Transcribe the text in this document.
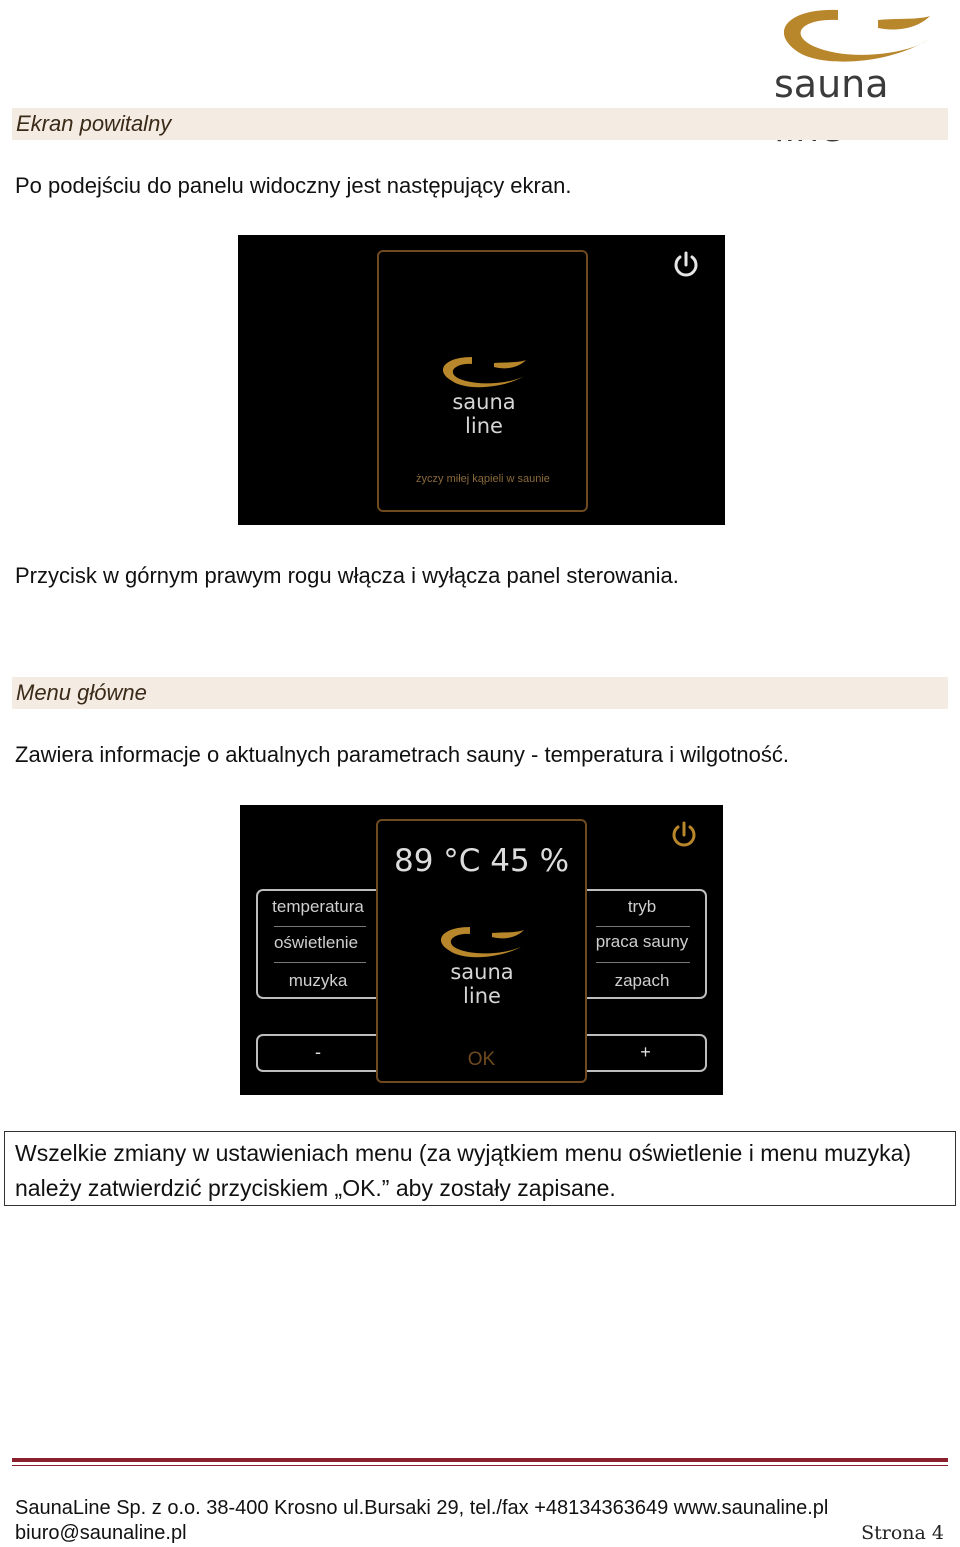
sauna
Ekran powitalny
Po podejściu do panelu widoczny jest następujący ekran.
sauna line
życzy miłej kąpieli w saunie
Przycisk w górnym prawym rogu włącza i wyłącza panel sterowania.
Menu główne
Zawiera informacje o aktualnych parametrach sauny - temperatura i wilgotność.
temperatura
oświetlenie
muzyka
tryb
praca sauny
zapach
-	+
89 °C 45 %
sauna line
OK
Wszelkie zmiany w ustawieniach menu (za wyjątkiem menu oświetlenie i menu muzyka) należy zatwierdzić przyciskiem „OK.” aby zostały zapisane.
SaunaLine Sp. z o.o. 38-400 Krosno ul.Bursaki 29, tel./fax +48134363649 www.saunaline.pl
biuro@saunaline.pl	Strona 4
